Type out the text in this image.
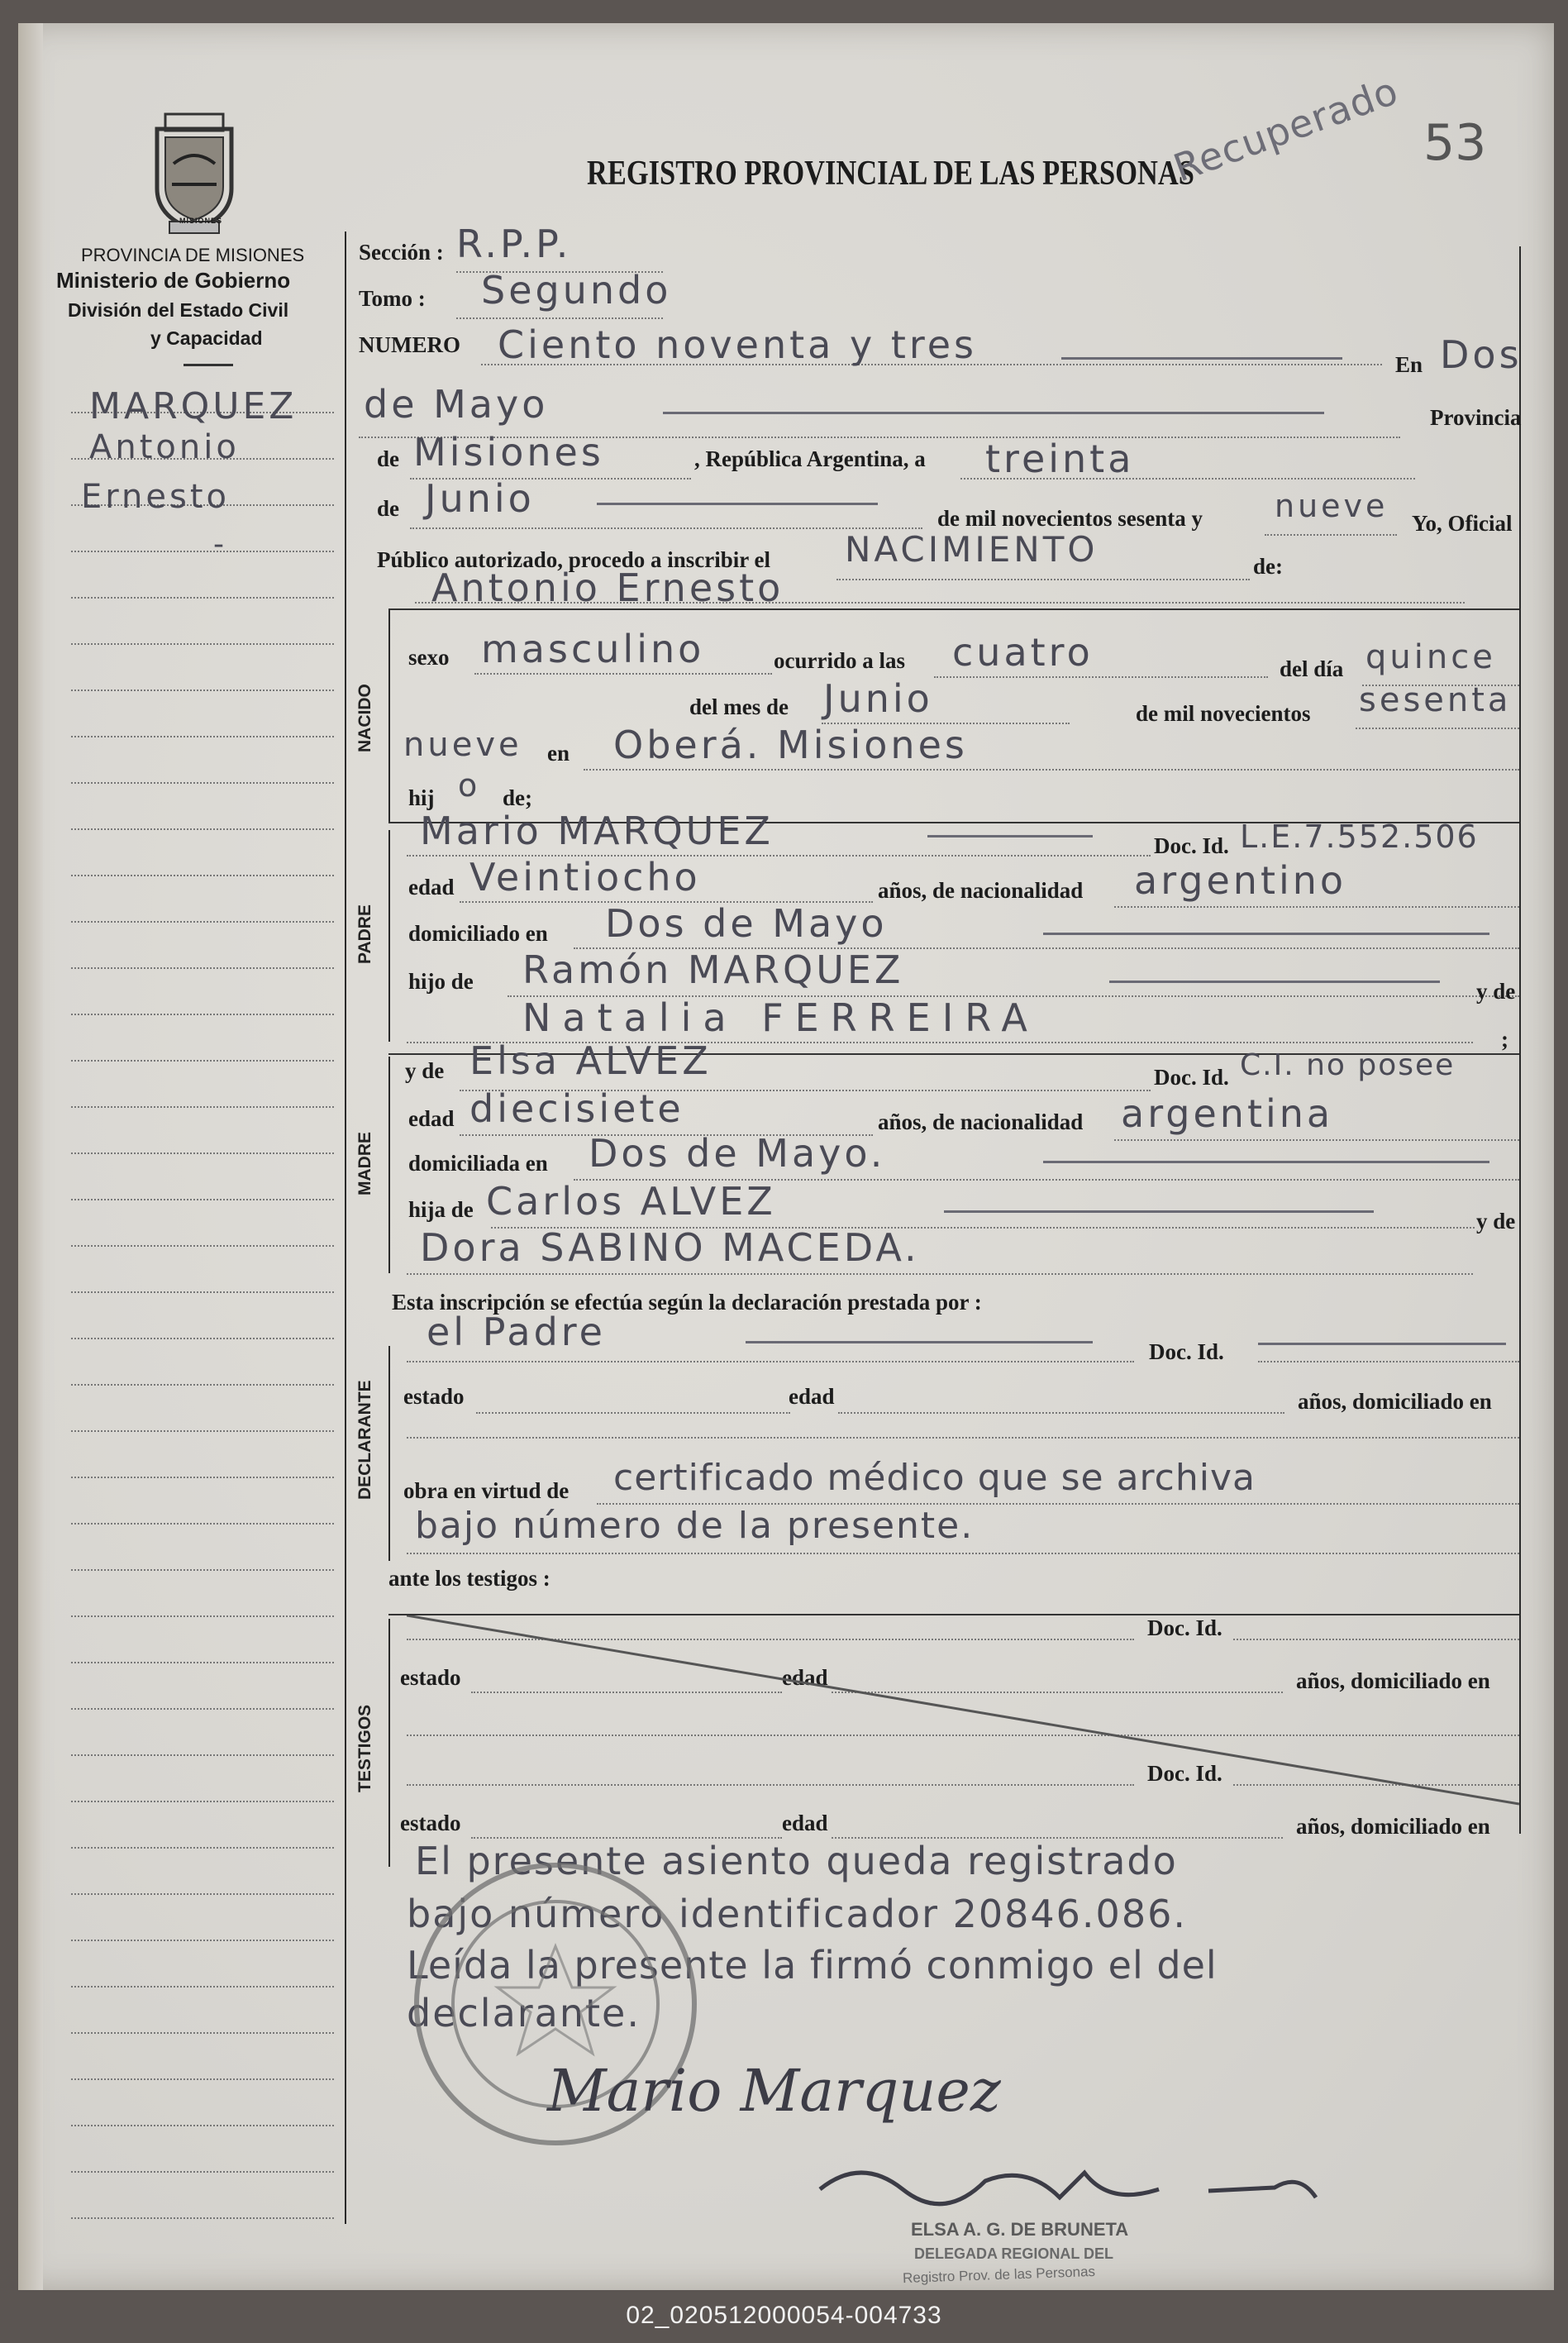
MISIONES
PROVINCIA DE MISIONES
Ministerio de Gobierno
División del Estado Civil
y Capacidad
REGISTRO PROVINCIAL DE LAS PERSONAS
53
Recuperado
MARQUEZ
Antonio
Ernesto
-
NACIDO
PADRE
MADRE
DECLARANTE
TESTIGOS
Sección : R.P.P.
Tomo : Segundo
NUMERO Ciento noventa y tres	En Dos
de Mayo	Provincia
de Misiones	, República Argentina, a treinta
de Junio	de mil novecientos sesenta y nueve Yo, Oficial
Público autorizado, procedo a inscribir el NACIMIENTO	de:
Antonio Ernesto
sexo masculino	ocurrido a las cuatro	del día quince
del mes de Junio	de mil novecientos sesenta
nueve en Oberá. Misiones
hij o de;
Mario MARQUEZ	Doc. Id. L.E.7.552.506
edad Veintiocho	años, de nacionalidad argentino
domiciliado en Dos de Mayo
hijo de Ramón MARQUEZ
Natalia FERREIRA
y de
;
y de Elsa ALVEZ	Doc. Id. C.I. no posee
edad diecisiete	años, de nacionalidad argentina
domiciliada en Dos de Mayo.
hija de Carlos ALVEZ	y de
Dora SABINO MACEDA.
Esta inscripción se efectúa según la declaración prestada por :
el Padre	Doc. Id.
estado	edad	años, domiciliado en
obra en virtud de certificado médico que se archiva
bajo número de la presente.
ante los testigos :
Doc. Id.
estado	edad	años, domiciliado en
Doc. Id.
estado	edad	años, domiciliado en
El presente asiento queda registrado
bajo número identificador 20846.086.
Leída la presente la firmó conmigo el del
declarante.
Mario Marquez
ELSA A. G. DE BRUNETA
DELEGADA REGIONAL DEL
Registro Prov. de las Personas
02_020512000054-004733
